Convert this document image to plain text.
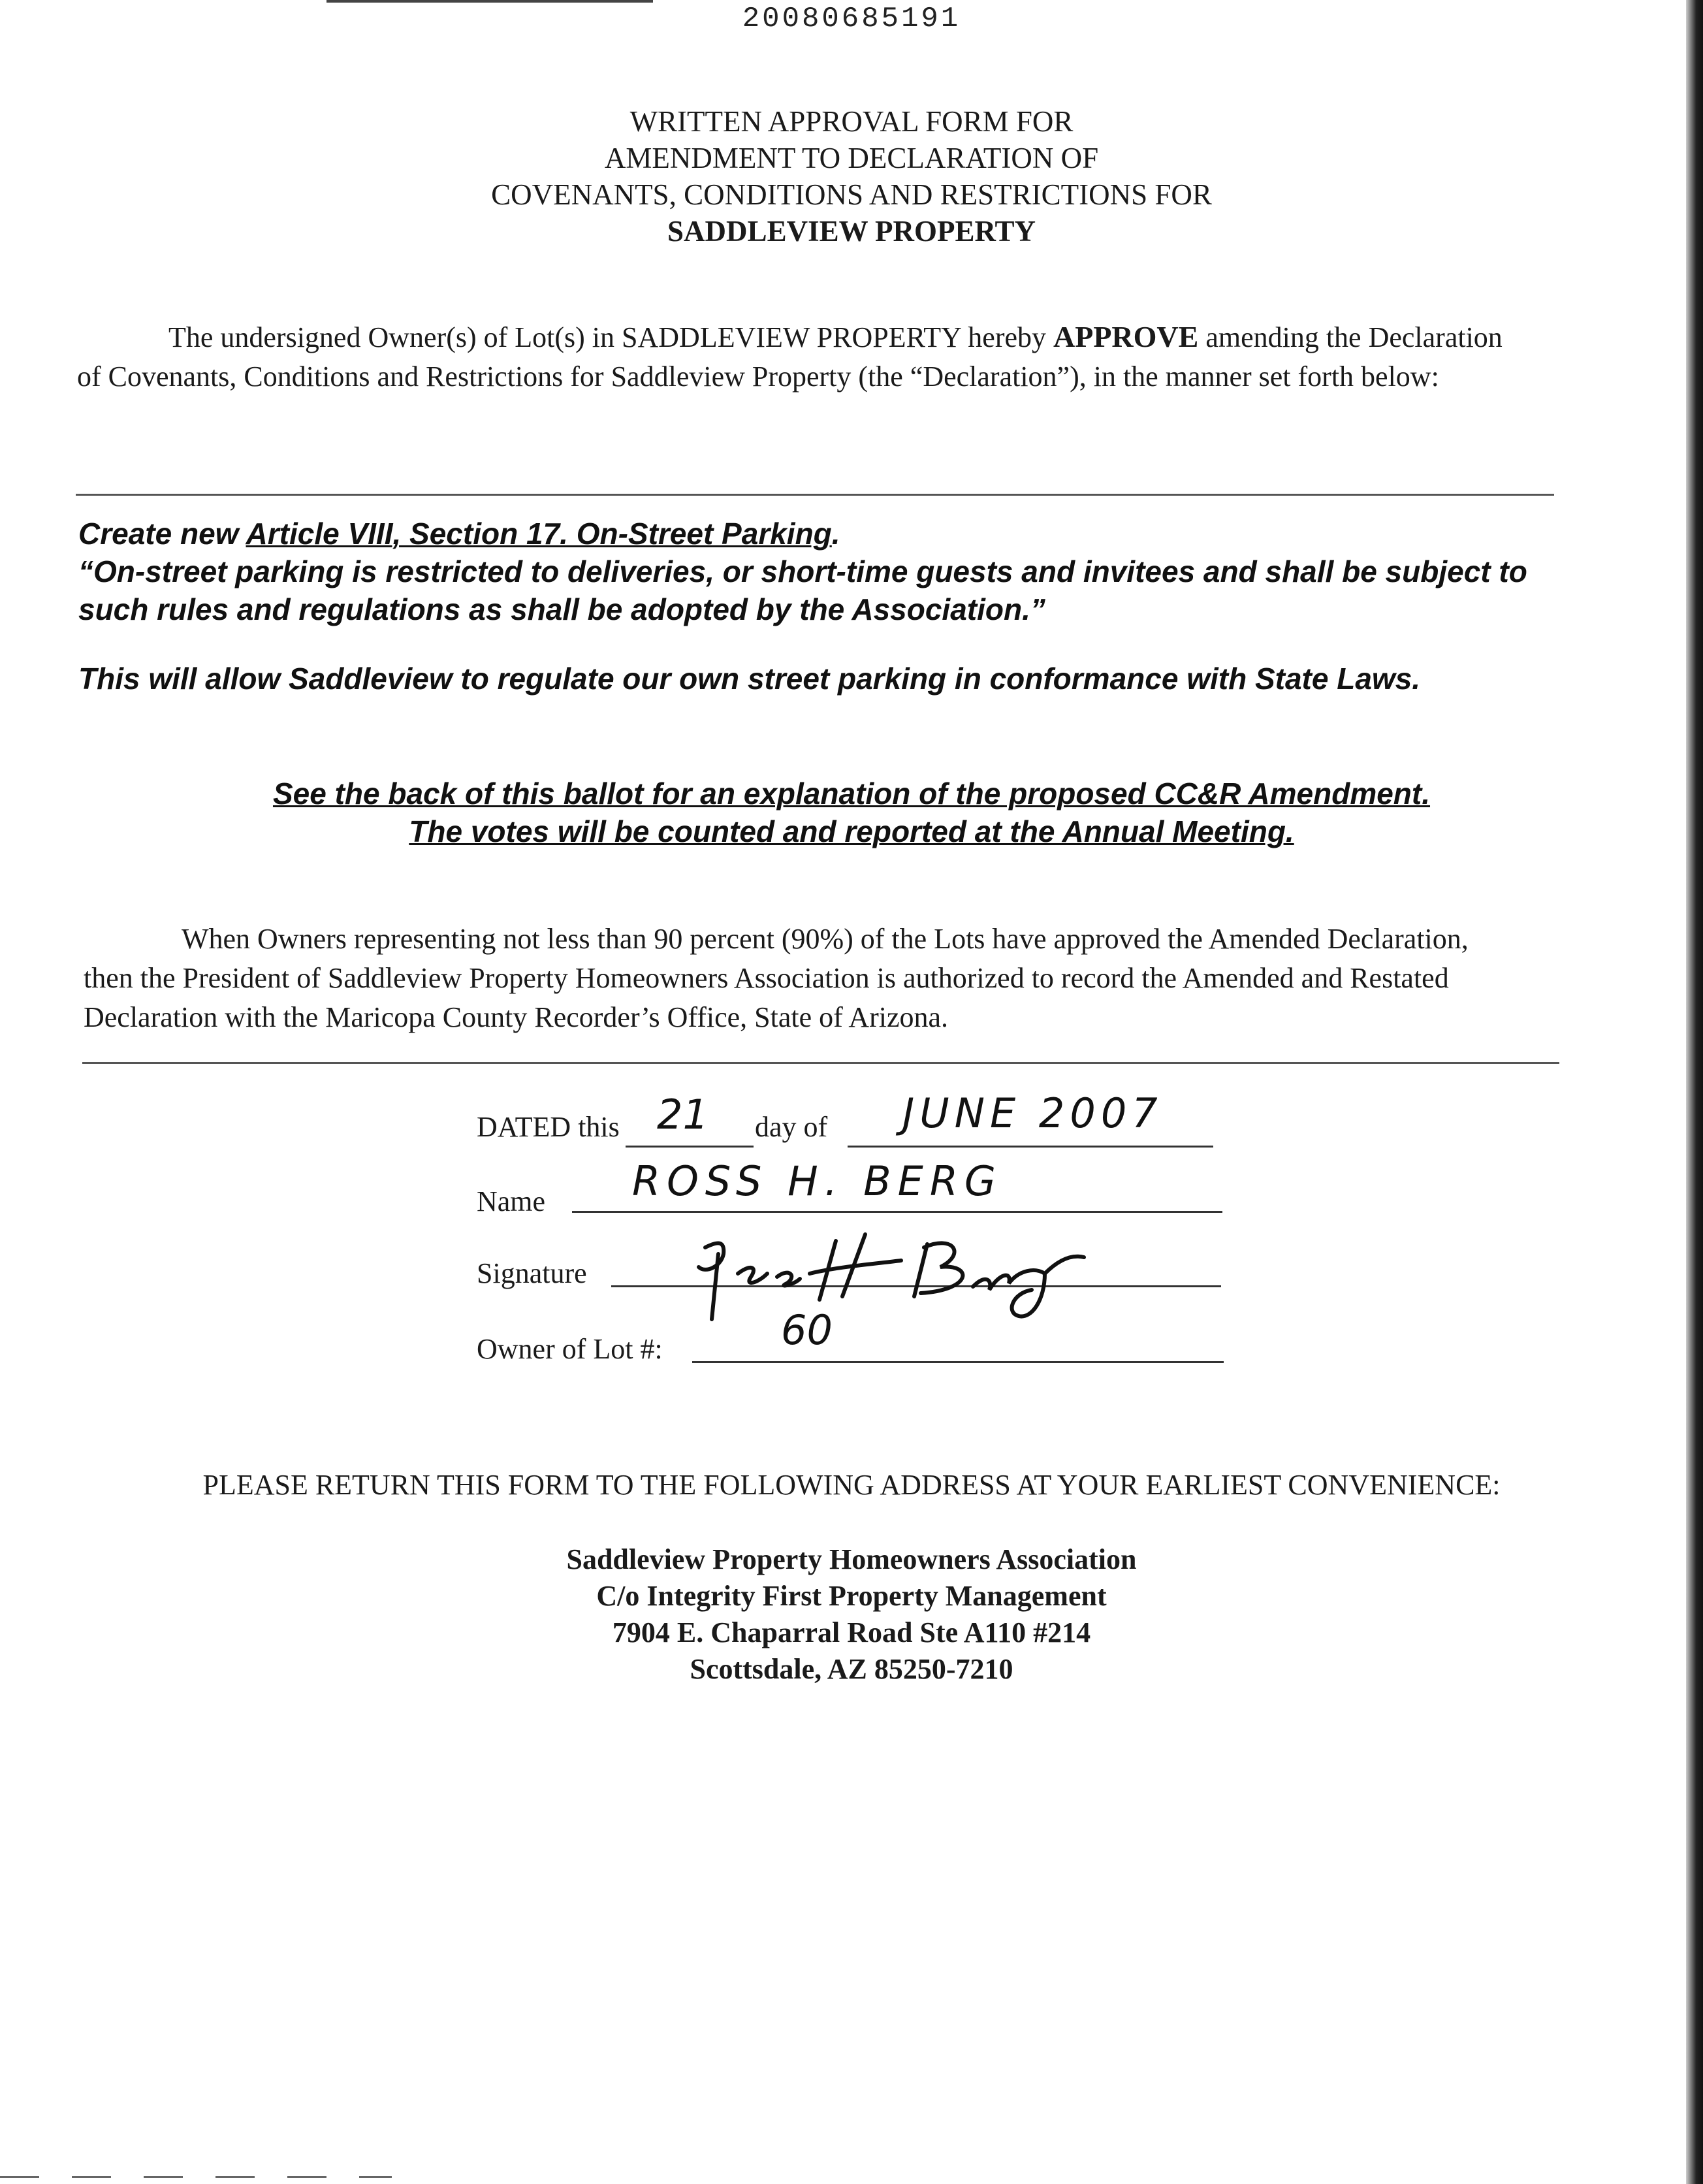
20080685191
WRITTEN APPROVAL FORM FOR
AMENDMENT TO DECLARATION OF
COVENANTS, CONDITIONS AND RESTRICTIONS FOR
SADDLEVIEW PROPERTY
The undersigned Owner(s) of Lot(s) in SADDLEVIEW PROPERTY hereby APPROVE amending the Declaration of Covenants, Conditions and Restrictions for Saddleview Property (the “Declaration”), in the manner set forth below:
Create new Article VIII, Section 17. On-Street Parking.
“On-street parking is restricted to deliveries, or short-time guests and invitees and shall be subject to such rules and regulations as shall be adopted by the Association.”
This will allow Saddleview to regulate our own street parking in conformance with State Laws.
See the back of this ballot for an explanation of the proposed CC&R Amendment.
The votes will be counted and reported at the Annual Meeting.
When Owners representing not less than 90 percent (90%) of the Lots have approved the Amended Declaration, then the President of Saddleview Property Homeowners Association is authorized to record the Amended and Restated Declaration with the Maricopa County Recorder’s Office, State of Arizona.
DATED this 21 day of JUNE 2007
Name ROSS H. BERG
Signature
Owner of Lot #:	60
PLEASE RETURN THIS FORM TO THE FOLLOWING ADDRESS AT YOUR EARLIEST CONVENIENCE:
Saddleview Property Homeowners Association
C/o Integrity First Property Management
7904 E. Chaparral Road Ste A110 #214
Scottsdale, AZ 85250-7210
